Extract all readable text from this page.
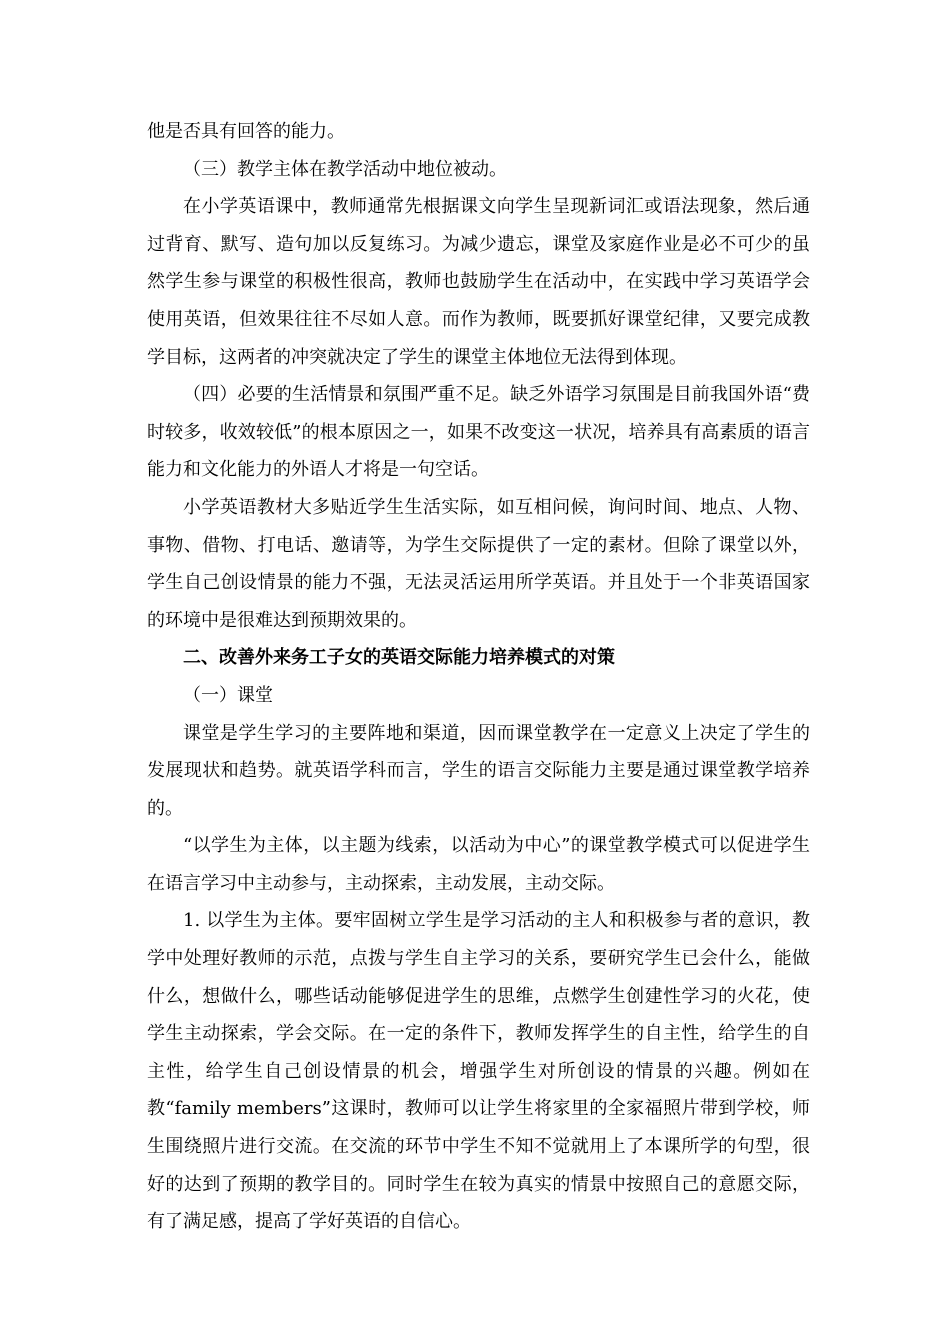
他是否具有回答的能力。

（三）教学主体在教学活动中地位被动。

在小学英语课中，教师通常先根据课文向学生呈现新词汇或语法现象，然后通过背育、默写、造句加以反复练习。为减少遗忘，课堂及家庭作业是必不可少的虽然学生参与课堂的积极性很高，教师也鼓励学生在活动中，在实践中学习英语学会使用英语，但效果往往不尽如人意。而作为教师，既要抓好课堂纪律，又要完成教学目标，这两者的冲突就决定了学生的课堂主体地位无法得到体现。

（四）必要的生活情景和氛围严重不足。缺乏外语学习氛围是目前我国外语“费时较多，收效较低”的根本原因之一，如果不改变这一状况，培养具有高素质的语言能力和文化能力的外语人才将是一句空话。

小学英语教材大多贴近学生生活实际，如互相问候，询问时间、地点、人物、事物、借物、打电话、邀请等，为学生交际提供了一定的素材。但除了课堂以外，学生自己创设情景的能力不强，无法灵活运用所学英语。并且处于一个非英语国家的环境中是很难达到预期效果的。

二、改善外来务工子女的英语交际能力培养模式的对策

（一）课堂

课堂是学生学习的主要阵地和渠道，因而课堂教学在一定意义上决定了学生的发展现状和趋势。就英语学科而言，学生的语言交际能力主要是通过课堂教学培养的。

“以学生为主体，以主题为线索，以活动为中心”的课堂教学模式可以促进学生在语言学习中主动参与，主动探索，主动发展，主动交际。

1. 以学生为主体。要牢固树立学生是学习活动的主人和积极参与者的意识，教学中处理好教师的示范，点拨与学生自主学习的关系，要研究学生已会什么，能做什么，想做什么，哪些话动能够促进学生的思维，点燃学生创建性学习的火花，使学生主动探索，学会交际。在一定的条件下，教师发挥学生的自主性，给学生的自主性，给学生自己创设情景的机会，增强学生对所创设的情景的兴趣。例如在教“family members”这课时，教师可以让学生将家里的全家福照片带到学校，师生围绕照片进行交流。在交流的环节中学生不知不觉就用上了本课所学的句型，很好的达到了预期的教学目的。同时学生在较为真实的情景中按照自己的意愿交际，有了满足感，提高了学好英语的自信心。
